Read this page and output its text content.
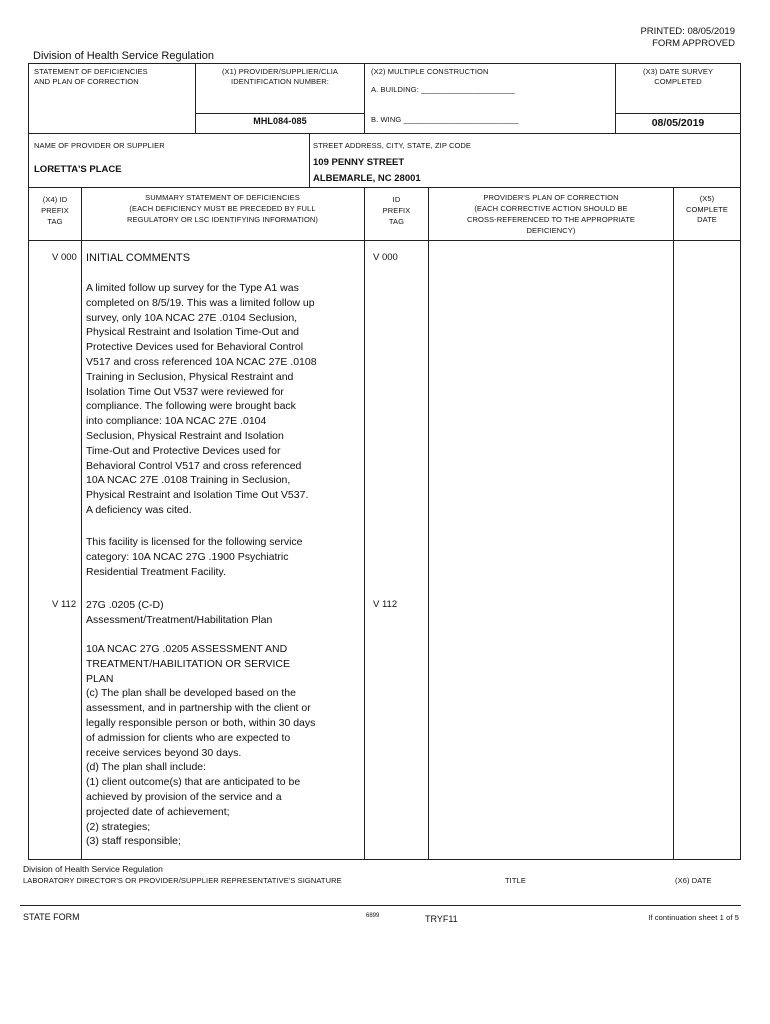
PRINTED: 08/05/2019
FORM APPROVED
Division of Health Service Regulation
STATEMENT OF DEFICIENCIES
AND PLAN OF CORRECTION
(X1) PROVIDER/SUPPLIER/CLIA
IDENTIFICATION NUMBER:
MHL084-085
(X2) MULTIPLE CONSTRUCTION
A. BUILDING: ______________________
B. WING ___________________________
(X3) DATE SURVEY
COMPLETED
08/05/2019
NAME OF PROVIDER OR SUPPLIER
LORETTA'S PLACE
STREET ADDRESS, CITY, STATE, ZIP CODE
109 PENNY STREET
ALBEMARLE, NC 28001
(X4) ID
PREFIX
TAG
SUMMARY STATEMENT OF DEFICIENCIES
(EACH DEFICIENCY MUST BE PRECEDED BY FULL
REGULATORY OR LSC IDENTIFYING INFORMATION)
ID
PREFIX
TAG
PROVIDER'S PLAN OF CORRECTION
(EACH CORRECTIVE ACTION SHOULD BE
CROSS-REFERENCED TO THE APPROPRIATE
DEFICIENCY)
(X5)
COMPLETE
DATE
V 000	V 000
INITIAL COMMENTS
A limited follow up survey for the Type A1 was
completed on 8/5/19. This was a limited follow up
survey, only 10A NCAC 27E .0104 Seclusion,
Physical Restraint and Isolation Time-Out and
Protective Devices used for Behavioral Control
V517 and cross referenced 10A NCAC 27E .0108
Training in Seclusion, Physical Restraint and
Isolation Time Out V537 were reviewed for
compliance. The following were brought back
into compliance: 10A NCAC 27E .0104
Seclusion, Physical Restraint and Isolation
Time-Out and Protective Devices used for
Behavioral Control V517 and cross referenced
10A NCAC 27E .0108 Training in Seclusion,
Physical Restraint and Isolation Time Out V537.
A deficiency was cited.
This facility is licensed for the following service
category: 10A NCAC 27G .1900 Psychiatric
Residential Treatment Facility.
V 112	V 112
27G .0205 (C-D)
Assessment/Treatment/Habilitation Plan
10A NCAC 27G .0205 ASSESSMENT AND
TREATMENT/HABILITATION OR SERVICE
PLAN
(c) The plan shall be developed based on the
assessment, and in partnership with the client or
legally responsible person or both, within 30 days
of admission for clients who are expected to
receive services beyond 30 days.
(d) The plan shall include:
(1) client outcome(s) that are anticipated to be
achieved by provision of the service and a
projected date of achievement;
(2) strategies;
(3) staff responsible;
Division of Health Service Regulation
LABORATORY DIRECTOR'S OR PROVIDER/SUPPLIER REPRESENTATIVE'S SIGNATURE	TITLE	(X6) DATE
STATE FORM	6899	TRYF11	If continuation sheet 1 of 5
